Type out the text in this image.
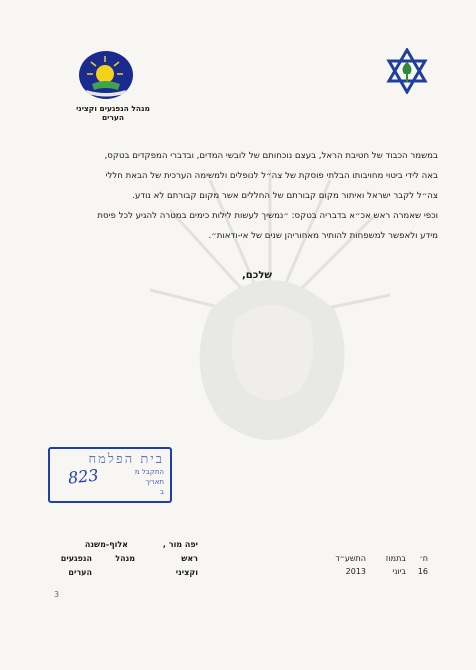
מנהל הנפגעים וקציני הערים

במשמר הכבוד של חטיבת הראל, בעצם נוכחותם של לובשי המדים, ובדברי המפקדים בטקס,

באה לידי ביטוי מחויבותו הבלתי פוסקת של צה״ל לנופלים ולמשימה הערכית של הבאת חללי

צה״ל לקבר ישראל ואיתור מקום קבורתם של החללים אשר מקום קבורתם לא נודע.

וכפי שאמרה ראש אכ״א בדבריה בטקס: ״נמשיך לעשות לילות כימים במטרה להגיע לכל פיסת

מידע ולאפשר למשפחות להותיר מאחוריהן שנים של אי-ודאות״.

שלכם,
בית הפלמח
התקבל מ
תאריך
ב
823
אלוף-משנה	יפה מור ,
ראש
מנהל
הנפגעים
וקציני
הערים
ח׳
בתמוז
התשע״ד
16
ביוני
2013
3
